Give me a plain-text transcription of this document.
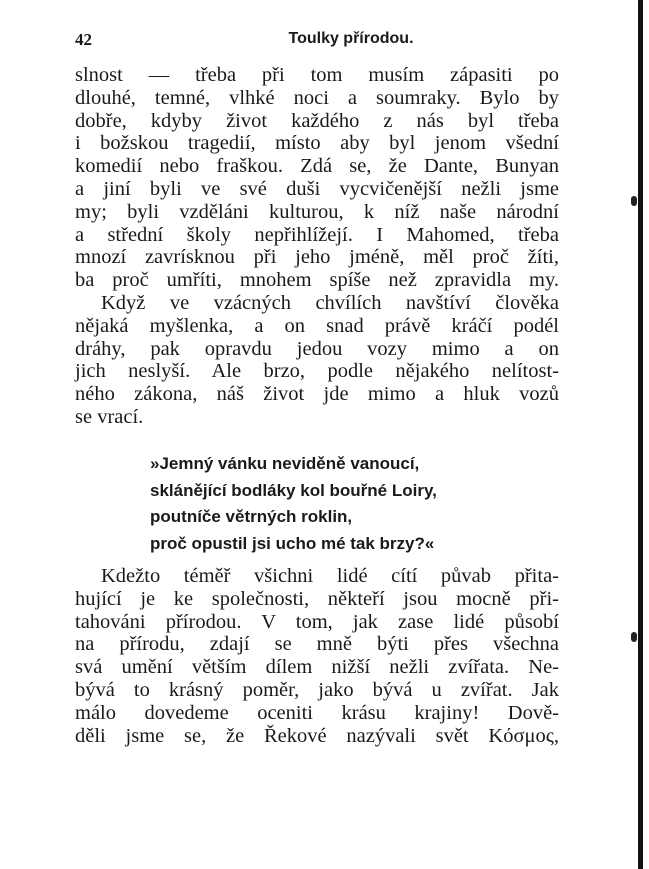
42	Toulky přírodou.
slnost — třeba při tom musím zápasiti po
dlouhé, temné, vlhké noci a soumraky. Bylo by
dobře, kdyby život každého z nás byl třeba
i božskou tragedií, místo aby byl jenom všední
komedií nebo fraškou. Zdá se, že Dante, Bunyan
a jiní byli ve své duši vycvičenější nežli jsme
my; byli vzděláni kulturou, k níž naše národní
a střední školy nepřihlížejí. I Mahomed, třeba
mnozí zavrísknou při jeho jméně, měl proč žíti,
ba proč umříti, mnohem spíše než zpravidla my.
Když ve vzácných chvílích navštíví člověka
nějaká myšlenka, a on snad právě kráčí podél
dráhy, pak opravdu jedou vozy mimo a on
jich neslyší. Ale brzo, podle nějakého nelítost-
ného zákona, náš život jde mimo a hluk vozů
se vrací.
»Jemný vánku neviděně vanoucí,
sklánějící bodláky kol bouřné Loiry,
poutníče větrných roklin,
proč opustil jsi ucho mé tak brzy?«
Kdežto téměř všichni lidé cítí půvab přita-
hující je ke společnosti, někteří jsou mocně při-
tahováni přírodou. V tom, jak zase lidé působí
na přírodu, zdají se mně býti přes všechna
svá umění větším dílem nižší nežli zvířata. Ne-
bývá to krásný poměr, jako bývá u zvířat. Jak
málo dovedeme oceniti krásu krajiny! Dově-
děli jsme se, že Řekové nazývali svět Κόσμος,
